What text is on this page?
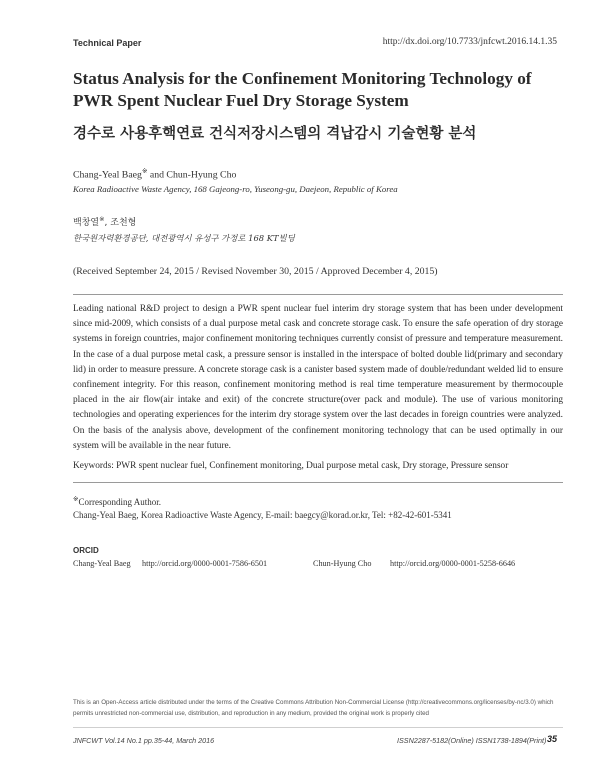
Technical Paper	http://dx.doi.org/10.7733/jnfcwt.2016.14.1.35
Status Analysis for the Confinement Monitoring Technology of PWR Spent Nuclear Fuel Dry Storage System
경수로 사용후핵연료 건식저장시스템의 격납감시 기술현황 분석
Chang-Yeal Baeg※ and Chun-Hyung Cho
Korea Radioactive Waste Agency, 168 Gajeong-ro, Yuseong-gu, Daejeon, Republic of Korea
백창열※, 조천형
한국원자력환경공단, 대전광역시 유성구 가정로 168 KT빌딩
(Received September 24, 2015 / Revised November 30, 2015 / Approved December 4, 2015)
Leading national R&D project to design a PWR spent nuclear fuel interim dry storage system that has been under development since mid-2009, which consists of a dual purpose metal cask and concrete storage cask. To ensure the safe operation of dry storage systems in foreign countries, major confinement monitoring techniques currently consist of pressure and temperature measurement. In the case of a dual purpose metal cask, a pressure sensor is installed in the interspace of bolted double lid(primary and secondary lid) in order to measure pressure. A concrete storage cask is a canister based system made of double/redundant welded lid to ensure confinement integrity. For this reason, confinement monitoring method is real time temperature measurement by thermocouple placed in the air flow(air intake and exit) of the concrete structure(over pack and module). The use of various monitoring technologies and operating experiences for the interim dry storage system over the last decades in foreign countries were analyzed. On the basis of the analysis above, development of the confinement monitoring technology that can be used optimally in our system will be available in the near future.
Keywords: PWR spent nuclear fuel, Confinement monitoring, Dual purpose metal cask, Dry storage, Pressure sensor
※Corresponding Author.
Chang-Yeal Baeg, Korea Radioactive Waste Agency, E-mail: baegcy@korad.or.kr, Tel: +82-42-601-5341
ORCID
Chang-Yeal Baeg http://orcid.org/0000-0001-7586-6501	Chun-Hyung Cho http://orcid.org/0000-0001-5258-6646
This is an Open-Access article distributed under the terms of the Creative Commons Attribution Non-Commercial License (http://creativecommons.org/licenses/by-nc/3.0) which permits unrestricted non-commercial use, distribution, and reproduction in any medium, provided the original work is properly cited
JNFCWT Vol.14 No.1 pp.35-44, March 2016	ISSN2287-5182(Online) ISSN1738-1894(Print) 35
